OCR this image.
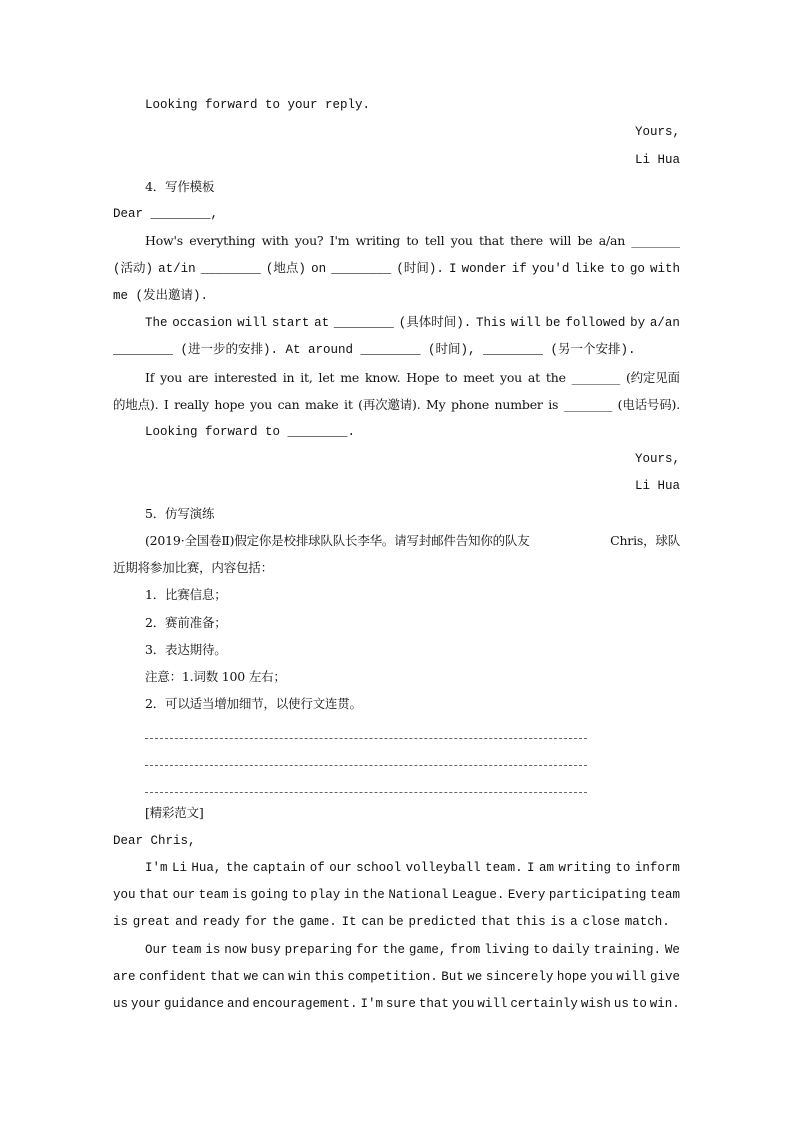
Looking forward to your reply.
Yours,
Li Hua
4．写作模板
Dear ________,
How's everything with you? I'm writing to tell you that there will be a/an ________
(活动) at/in ________ (地点) on ________ (时间). I wonder if you'd like to go with
me (发出邀请).
The occasion will start at ________ (具体时间). This will be followed by a/an
________ (进一步的安排). At around ________ (时间), ________ (另一个安排).
If you are interested in it, let me know. Hope to meet you at the ________ (约定见面
的地点). I really hope you can make it (再次邀请). My phone number is ________ (电话号码).
Looking forward to ________.
Yours,
Li Hua
5．仿写演练
(2019·全国卷Ⅱ)假定你是校排球队队长李华。请写封邮件告知你的队友	Chris，球队
近期将参加比赛，内容包括：
1．比赛信息；
2．赛前准备；
3．表达期待。
注意：1.词数 100 左右；
2．可以适当增加细节，以使行文连贯。
[精彩范文]
Dear Chris,
I'm Li Hua, the captain of our school volleyball team. I am writing to inform
you that our team is going to play in the National League. Every participating team
is great and ready for the game. It can be predicted that this is a close match.
Our team is now busy preparing for the game, from living to daily training. We
are confident that we can win this competition. But we sincerely hope you will give
us your guidance and encouragement. I'm sure that you will certainly wish us to win.
